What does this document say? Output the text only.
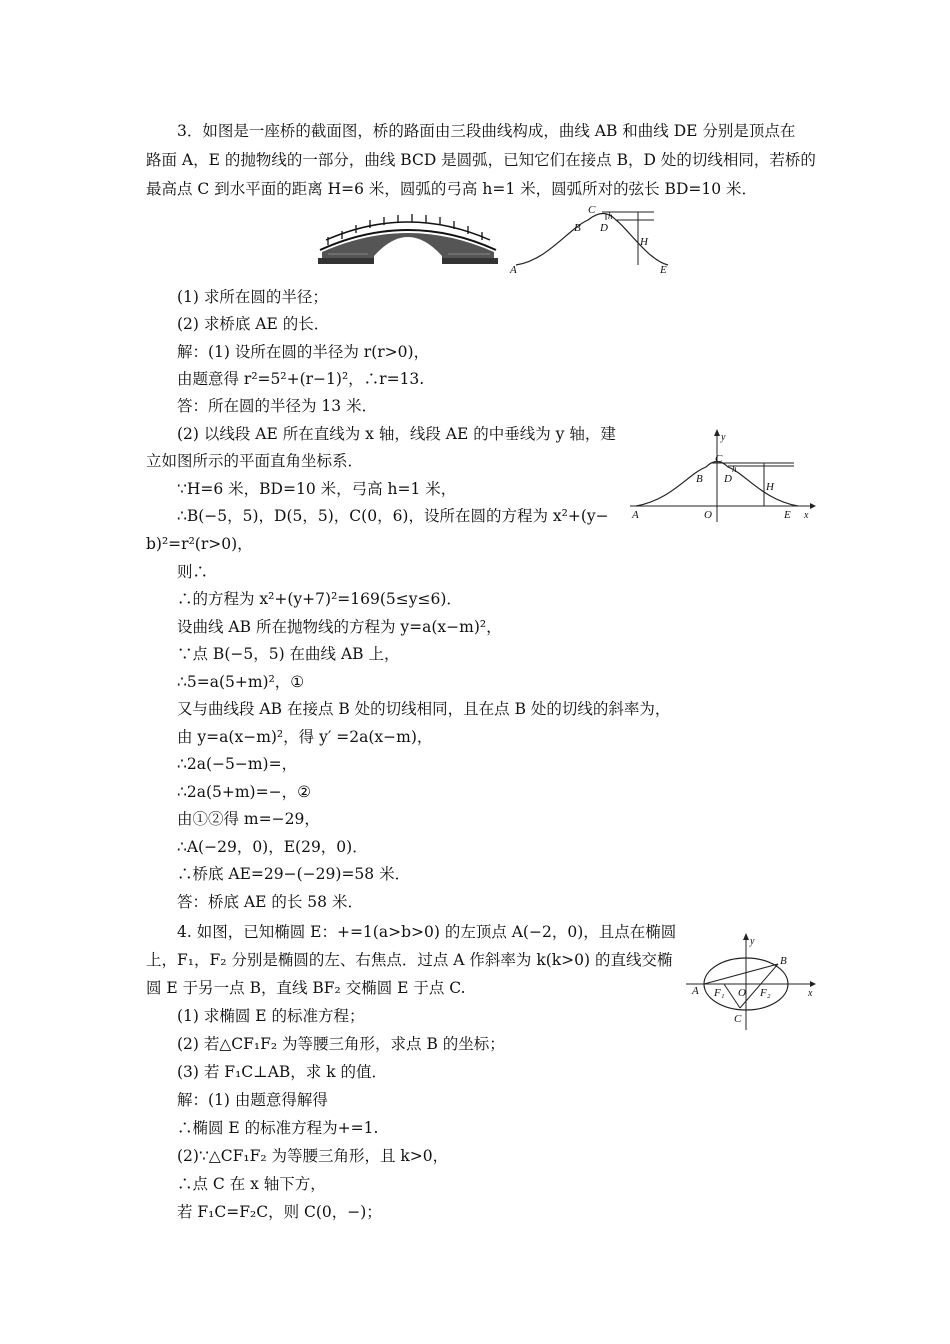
3．如图是一座桥的截面图，桥的路面由三段曲线构成，曲线 AB 和曲线 DE 分别是顶点在
路面 A，E 的抛物线的一部分，曲线 BCD 是圆弧，已知它们在接点 B，D 处的切线相同，若桥的
最高点 C 到水平面的距离 H=6 米，圆弧的弓高 h=1 米，圆弧所对的弦长 BD=10 米．
A
B
C
D
E
H
h
(1) 求所在圆的半径；
(2) 求桥底 AE 的长．
解：(1) 设所在圆的半径为 r(r>0)，
由题意得 r²=5²+(r−1)²，∴r=13.
答：所在圆的半径为 13 米．
(2) 以线段 AE 所在直线为 x 轴，线段 AE 的中垂线为 y 轴，建
立如图所示的平面直角坐标系．
∵H=6 米，BD=10 米，弓高 h=1 米，
∴B(−5，5)，D(5，5)，C(0，6)，设所在圆的方程为 x²+(y−
b)²=r²(r>0)，
则∴
∴的方程为 x²+(y+7)²=169(5≤y≤6)．
设曲线 AB 所在抛物线的方程为 y=a(x−m)²，
∵点 B(−5，5) 在曲线 AB 上，
∴5=a(5+m)²，①
又与曲线段 AB 在接点 B 处的切线相同，且在点 B 处的切线的斜率为，
由 y=a(x−m)²，得 y′ =2a(x−m)，
∴2a(−5−m)=，
∴2a(5+m)=−，②
由①②得 m=−29，
∴A(−29，0)，E(29，0)．
∴桥底 AE=29−(−29)=58 米．
答：桥底 AE 的长 58 米．
A
B
C
D
E
H
h
O	x
y
4. 如图，已知椭圆 E：+=1(a>b>0) 的左顶点 A(−2，0)，且点在椭圆
上，F₁，F₂ 分别是椭圆的左、右焦点．过点 A 作斜率为 k(k>0) 的直线交椭
圆 E 于另一点 B，直线 BF₂ 交椭圆 E 于点 C.	A
B
C
O
F₁	F₂	x
y
(1) 求椭圆 E 的标准方程；
(2) 若△CF₁F₂ 为等腰三角形，求点 B 的坐标；
(3) 若 F₁C⊥AB，求 k 的值．
解：(1) 由题意得解得
∴椭圆 E 的标准方程为+=1.
(2)∵△CF₁F₂ 为等腰三角形，且 k>0，
∴点 C 在 x 轴下方，
若 F₁C=F₂C，则 C(0，−)；
